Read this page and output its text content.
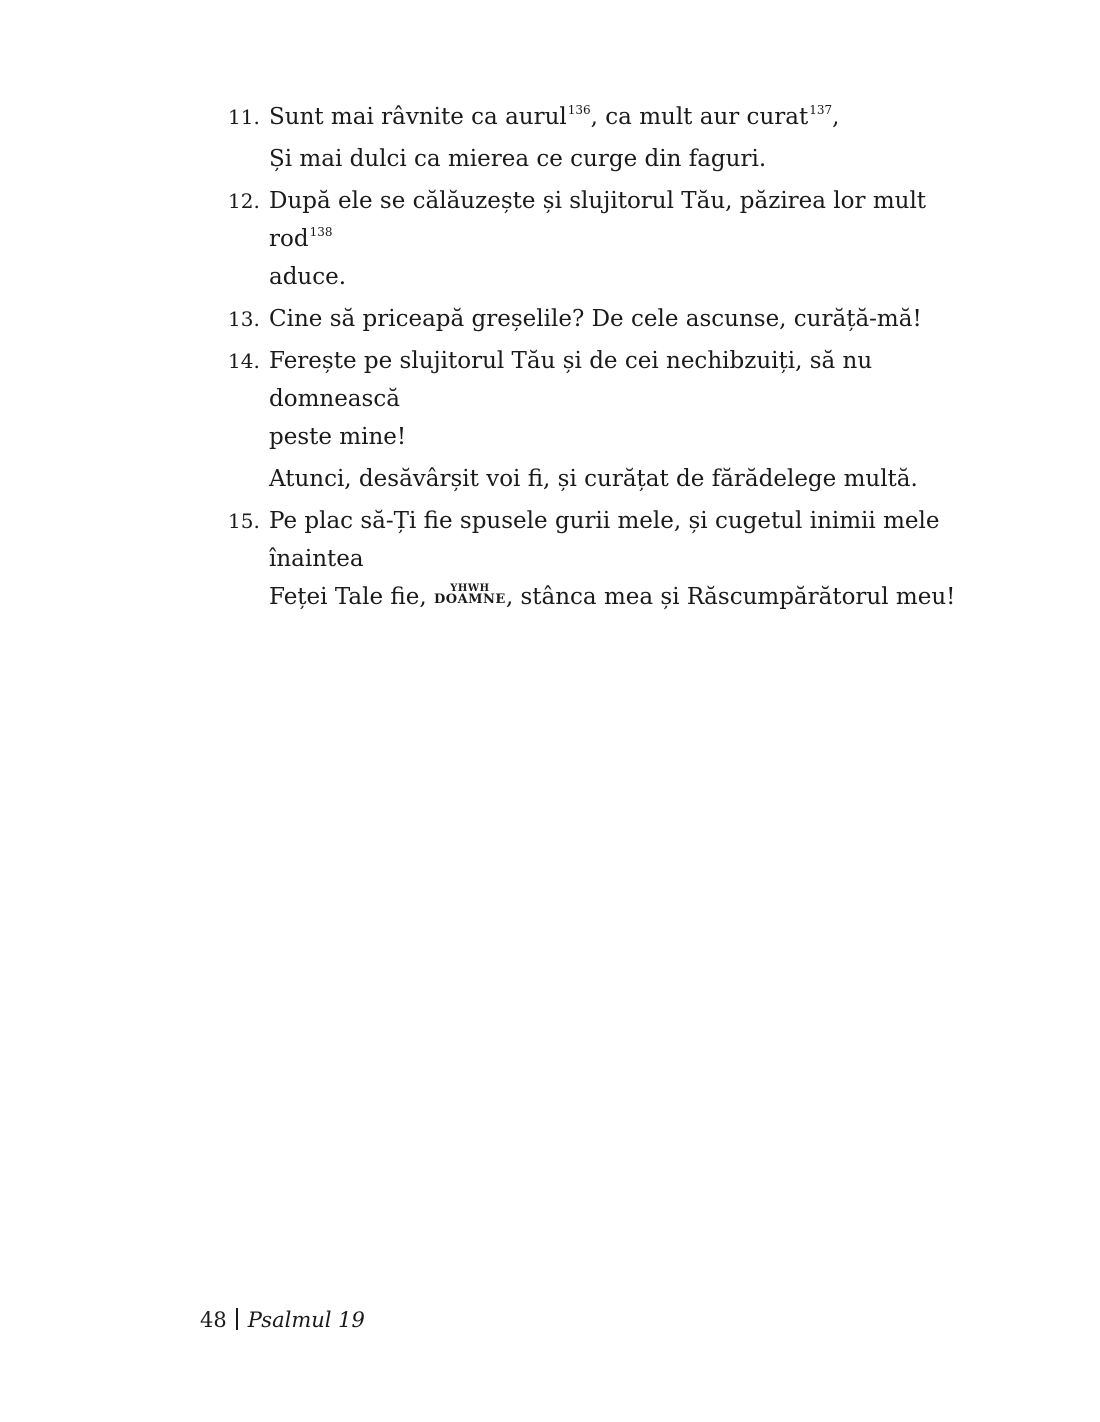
11. Sunt mai râvnite ca aurul$^{136}$, ca mult aur curat$^{137}$,
Și mai dulci ca mierea ce curge din faguri.
12. După ele se călăuzește și slujitorul Tău, păzirea lor mult rod$^{138}$
aduce.
13. Cine să priceapă greșelile? De cele ascunse, curăță-mă!
14. Ferește pe slujitorul Tău și de cei nechibzuiți, să nu domnească
peste mine!
Atunci, desăvârșit voi fi, și curățat de fărădelege multă.
15. Pe plac să-Ți fie spusele gurii mele, și cugetul inimii mele înaintea
Feței Tale fie,	YHWH
DOAMNE , stânca mea și Răscumpărătorul meu!
48 Psalmul 19
